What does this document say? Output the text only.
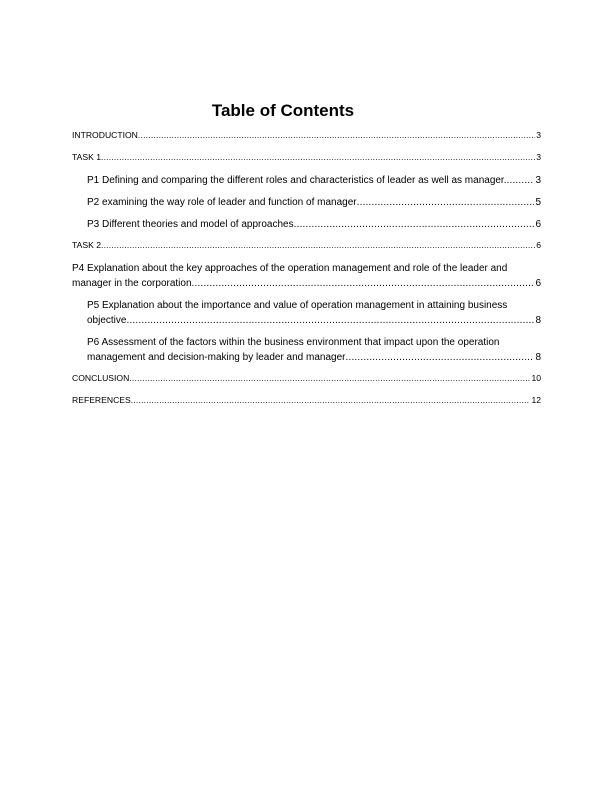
Table of Contents
INTRODUCTION .....	3
TASK 1 .....	3
P1 Defining and comparing the different roles and characteristics of leader as well as manager. .....	3
P2 examining the way role of leader and function of manager .....	5
P3 Different theories and model of approaches .....	6
TASK 2 .....	6
P4 Explanation about the key approaches of the operation management and role of the leader and
manager in the corporation .....	6
P5 Explanation about the importance and value of operation management in attaining business
objective .....	8
P6 Assessment of the factors within the business environment that impact upon the operation
management and decision-making by leader and manager .....	8
CONCLUSION .....	10
REFERENCES .....	12
